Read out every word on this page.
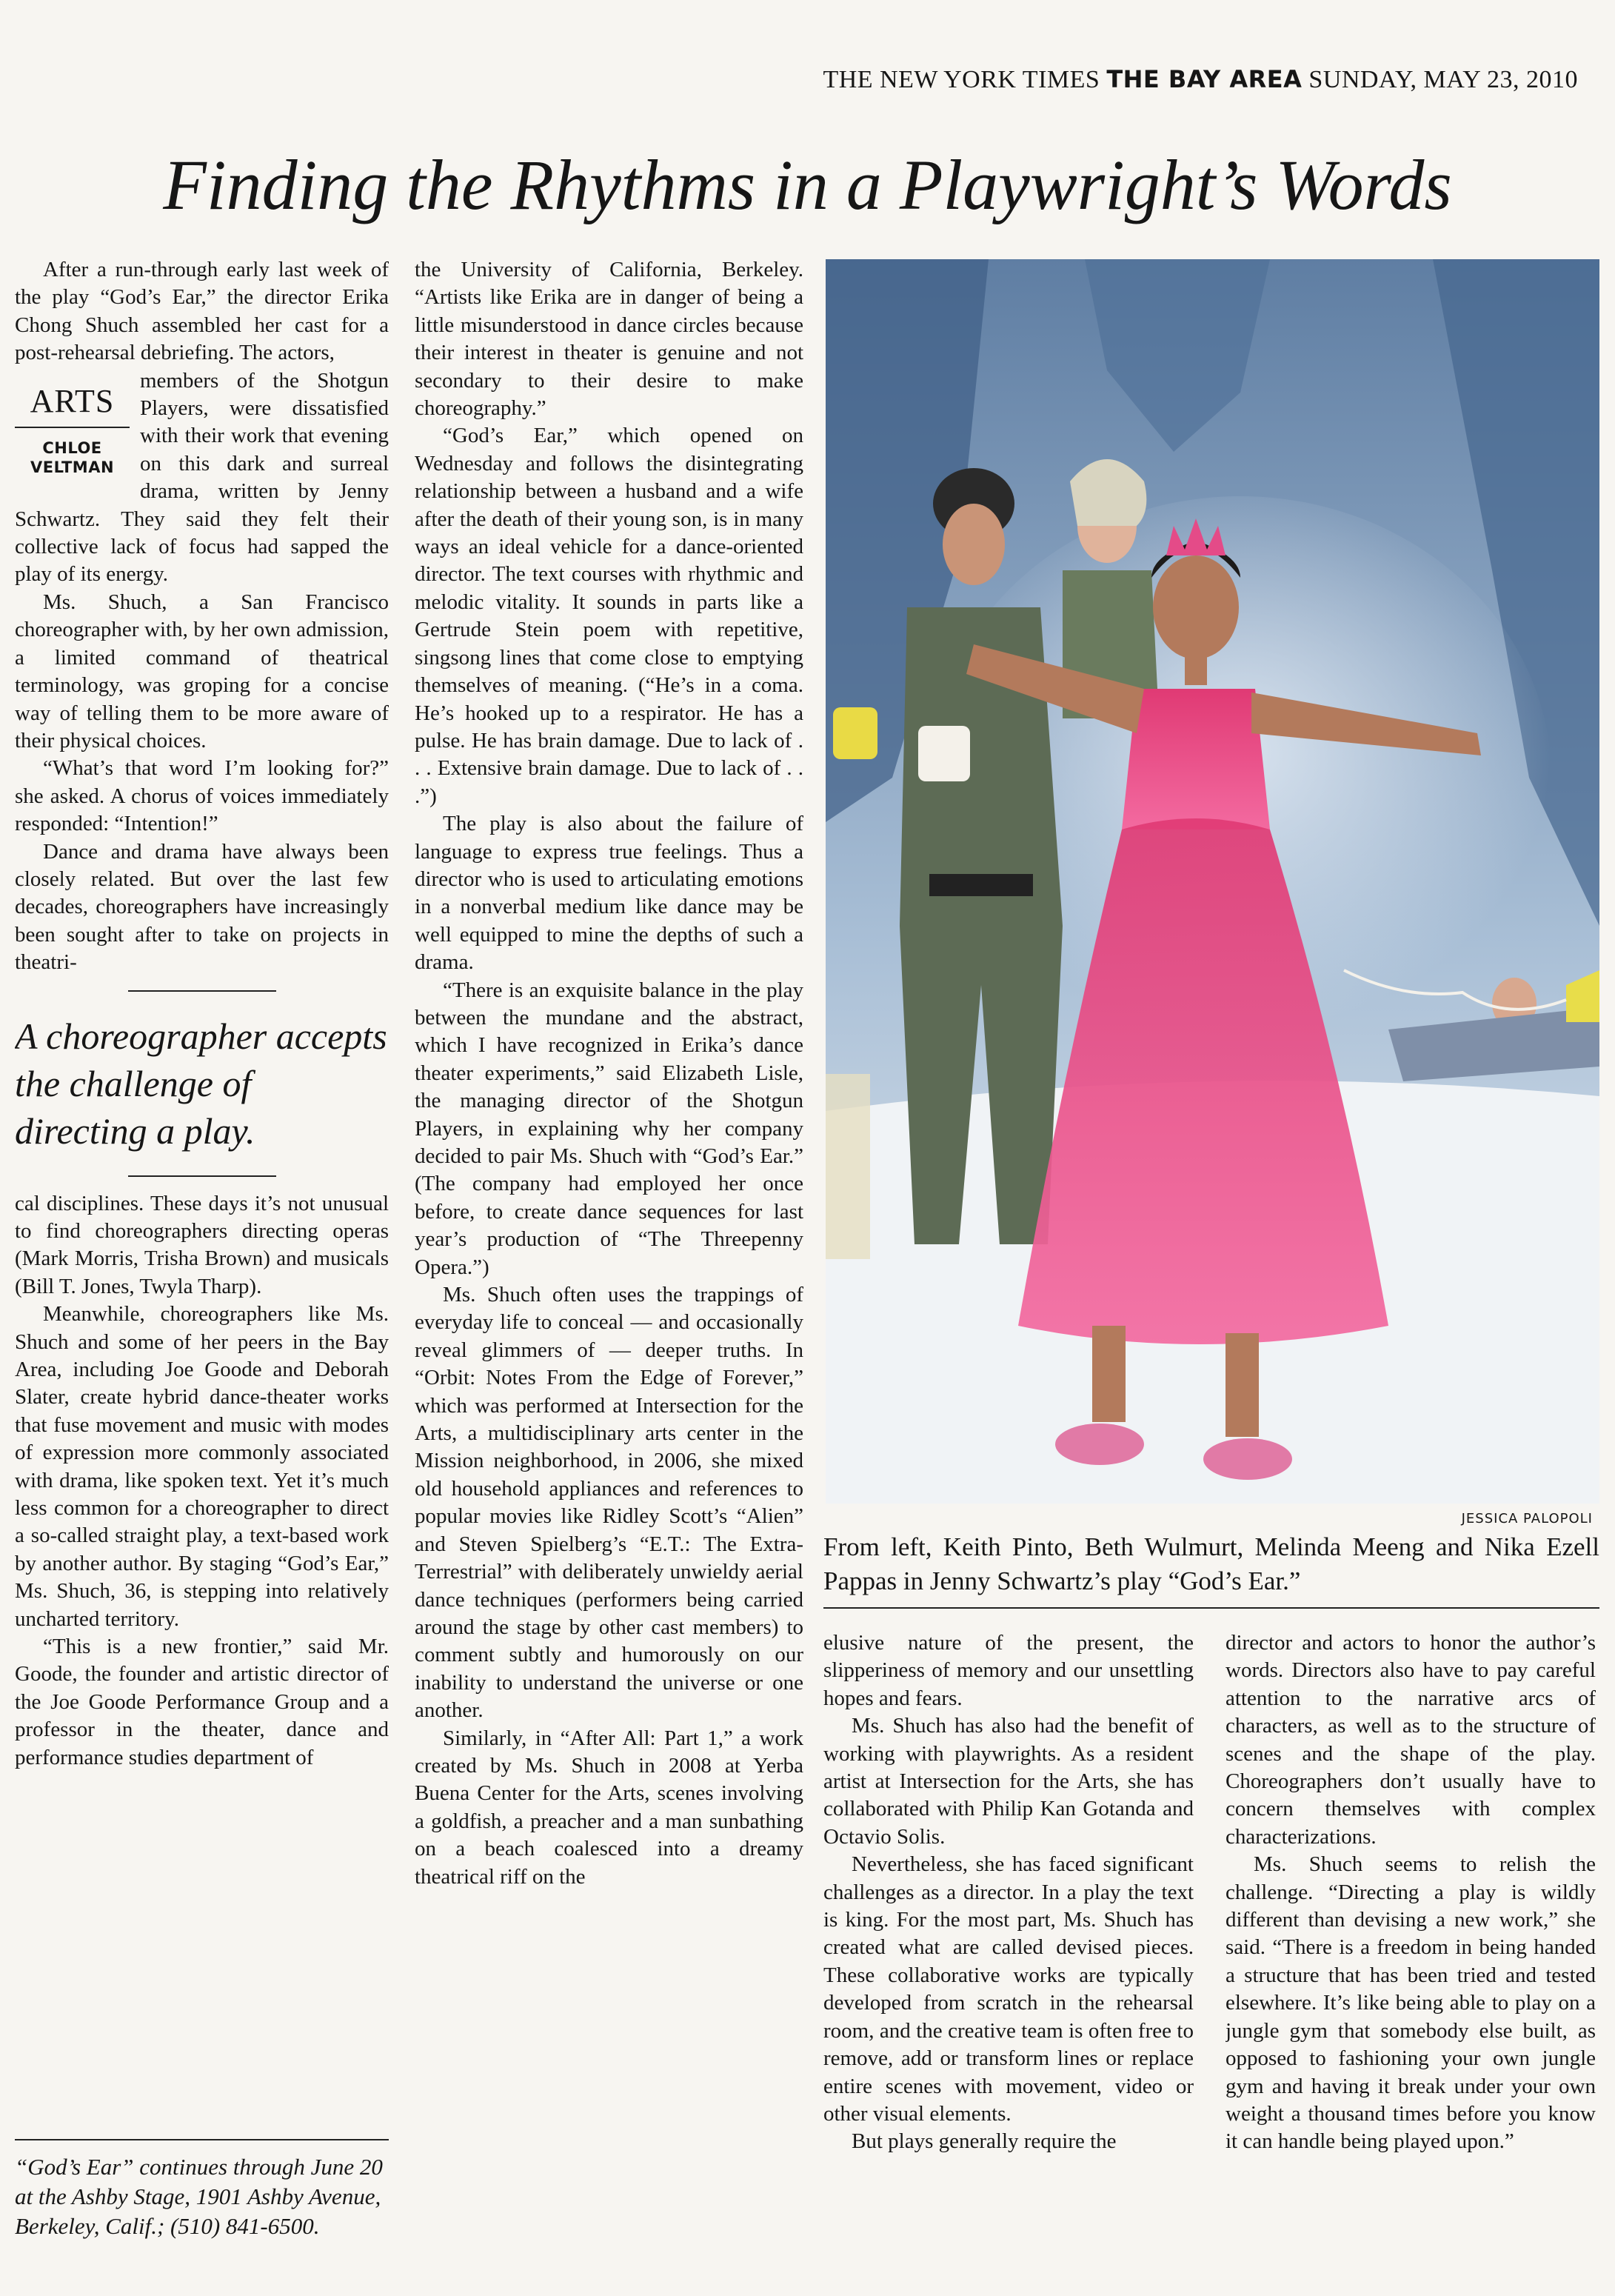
THE NEW YORK TIMES THE BAY AREA SUNDAY, MAY 23, 2010
Finding the Rhythms in a Playwright’s Words

After a run-through early last week of the play “God’s Ear,” the director Erika Chong Shuch assembled her cast for a post-rehearsal debriefing. The actors,

ARTS
CHLOE
VELTMAN

members of the Shotgun Players, were dissatisfied with their work that evening on this dark and surreal drama, written by Jenny Schwartz. They said they felt their collective lack of focus had sapped the play of its energy.

Ms. Shuch, a San Francisco choreographer with, by her own admission, a limited command of theatrical terminology, was groping for a concise way of telling them to be more aware of their physical choices.

“What’s that word I’m looking for?” she asked. A chorus of voices immediately responded: “Intention!”

Dance and drama have always been closely related. But over the last few decades, choreographers have increasingly been sought after to take on projects in theatri-

A choreographer accepts the challenge of directing a play.

cal disciplines. These days it’s not unusual to find choreographers directing operas (Mark Morris, Trisha Brown) and musicals (Bill T. Jones, Twyla Tharp).

Meanwhile, choreographers like Ms. Shuch and some of her peers in the Bay Area, including Joe Goode and Deborah Slater, create hybrid dance-theater works that fuse movement and music with modes of expression more commonly associated with drama, like spoken text. Yet it’s much less common for a choreographer to direct a so-called straight play, a text-based work by another author. By staging “God’s Ear,” Ms. Shuch, 36, is stepping into relatively uncharted territory.

“This is a new frontier,” said Mr. Goode, the founder and artistic director of the Joe Goode Performance Group and a professor in the theater, dance and performance studies department of

“God’s Ear” continues through June 20 at the Ashby Stage, 1901 Ashby Avenue, Berkeley, Calif.; (510) 841-6500.

the University of California, Berkeley. “Artists like Erika are in danger of being a little misunderstood in dance circles because their interest in theater is genuine and not secondary to their desire to make choreography.”

“God’s Ear,” which opened on Wednesday and follows the disintegrating relationship between a husband and a wife after the death of their young son, is in many ways an ideal vehicle for a dance-oriented director. The text courses with rhythmic and melodic vitality. It sounds in parts like a Gertrude Stein poem with repetitive, singsong lines that come close to emptying themselves of meaning. (“He’s in a coma. He’s hooked up to a respirator. He has a pulse. He has brain damage. Due to lack of . . . Extensive brain damage. Due to lack of . . .”)

The play is also about the failure of language to express true feelings. Thus a director who is used to articulating emotions in a nonverbal medium like dance may be well equipped to mine the depths of such a drama.

“There is an exquisite balance in the play between the mundane and the abstract, which I have recognized in Erika’s dance theater experiments,” said Elizabeth Lisle, the managing director of the Shotgun Players, in explaining why her company decided to pair Ms. Shuch with “God’s Ear.” (The company had employed her once before, to create dance sequences for last year’s production of “The Threepenny Opera.”)

Ms. Shuch often uses the trappings of everyday life to conceal — and occasionally reveal glimmers of — deeper truths. In “Orbit: Notes From the Edge of Forever,” which was performed at Intersection for the Arts, a multidisciplinary arts center in the Mission neighborhood, in 2006, she mixed old household appliances and references to popular movies like Ridley Scott’s “Alien” and Steven Spielberg’s “E.T.: The Extra-Terrestrial” with deliberately unwieldy aerial dance techniques (performers being carried around the stage by other cast members) to comment subtly and humorously on our inability to understand the universe or one another.

Similarly, in “After All: Part 1,” a work created by Ms. Shuch in 2008 at Yerba Buena Center for the Arts, scenes involving a goldfish, a preacher and a man sunbathing on a beach coalesced into a dreamy theatrical riff on the

JESSICA PALOPOLI
From left, Keith Pinto, Beth Wulmurt, Melinda Meeng and Nika Ezell Pappas in Jenny Schwartz’s play “God’s Ear.”

elusive nature of the present, the slipperiness of memory and our unsettling hopes and fears.

Ms. Shuch has also had the benefit of working with playwrights. As a resident artist at Intersection for the Arts, she has collaborated with Philip Kan Gotanda and Octavio Solis.

Nevertheless, she has faced significant challenges as a director. In a play the text is king. For the most part, Ms. Shuch has created what are called devised pieces. These collaborative works are typically developed from scratch in the rehearsal room, and the creative team is often free to remove, add or transform lines or replace entire scenes with movement, video or other visual elements.

But plays generally require the

director and actors to honor the author’s words. Directors also have to pay careful attention to the narrative arcs of characters, as well as to the structure of scenes and the shape of the play. Choreographers don’t usually have to concern themselves with complex characterizations.

Ms. Shuch seems to relish the challenge. “Directing a play is wildly different than devising a new work,” she said. “There is a freedom in being handed a structure that has been tried and tested elsewhere. It’s like being able to play on a jungle gym that somebody else built, as opposed to fashioning your own jungle gym and having it break under your own weight a thousand times before you know it can handle being played upon.”
